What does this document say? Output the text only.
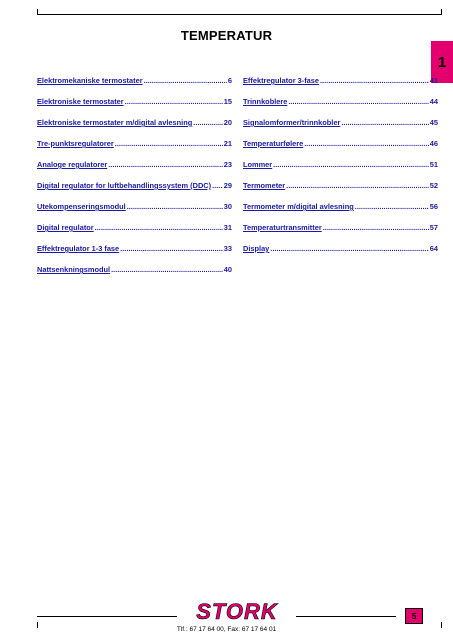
TEMPERATUR
1
Elektromekaniske termostater .....	6
Elektroniske termostater .....	15
Elektroniske termostater m/digital avlesning .....	20
Tre-punktsregulatorer .....	21
Analoge regulatorer .....	23
Digital regulator for luftbehandlingssystem (DDC) ..... 29
Utekompenseringsmodul .....	30
Digital regulator .....	31
Effektregulator 1-3 fase .....	33
Nattsenkningsmodul .....	40
Effektregulator 3-fase .....	41
Trinnkoblere .....	44
Signalomformer/trinnkobler .....	45
Temperaturfølere .....	46
Lommer .....	51
Termometer .....	52
Termometer m/digital avlesning .....	56
Temperaturtransmitter .....	57
Display .....	64
STORK
Tlf.: 67 17 64 00, Fax: 67 17 64 01
5
